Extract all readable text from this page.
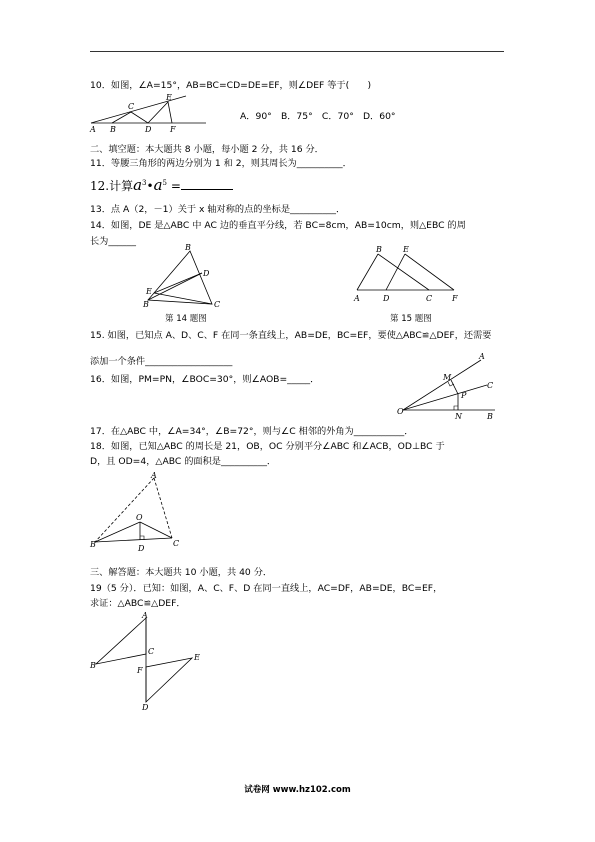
10．如图，∠A=15°，AB=BC=CD=DE=EF，则∠DEF 等于(　　)
A B
C
D
E
F
A．90°　B．75°　C．70°　D．60°
二、填空题：本大题共 8 小题，每小题 2 分，共 16 分．
11．等腰三角形的两边分别为 1 和 2，则其周长为__________．
12.计算$a^3•a^5$ =
13．点 A（2，－1）关于 x 轴对称的点的坐标是__________．
14．如图，DE 是△ABC 中 AC 边的垂直平分线，若 BC=8cm，AB=10cm，则△EBC 的周
长为______
B
D
E
B	C
第 14 题图
B	E
A	D	C F
第 15 题图
15. 如图，已知点 A、D、C、F 在同一条直线上，AB=DE，BC=EF，要使△ABC≌△DEF，还需要
添加一个条件___________________
16．如图，PM=PN，∠BOC=30°，则∠AOB=_____．
A
M
C
P
O
N	B
17．在△ABC 中，∠A=34°，∠B=72°，则与∠C 相邻的外角为___________．
18．如图，已知△ABC 的周长是 21，OB，OC 分别平分∠ABC 和∠ACB，OD⊥BC 于
D，且 OD=4，△ABC 的面积是__________．
A
O
B	D
C
三、解答题：本大题共 10 小题，共 40 分．
19（5 分）．已知：如图，A、C、F、D 在同一直线上，AC=DF，AB=DE，BC=EF，
求证：△ABC≌△DEF．
A
C
B
F
E
D
试卷网 www.hz102.com
